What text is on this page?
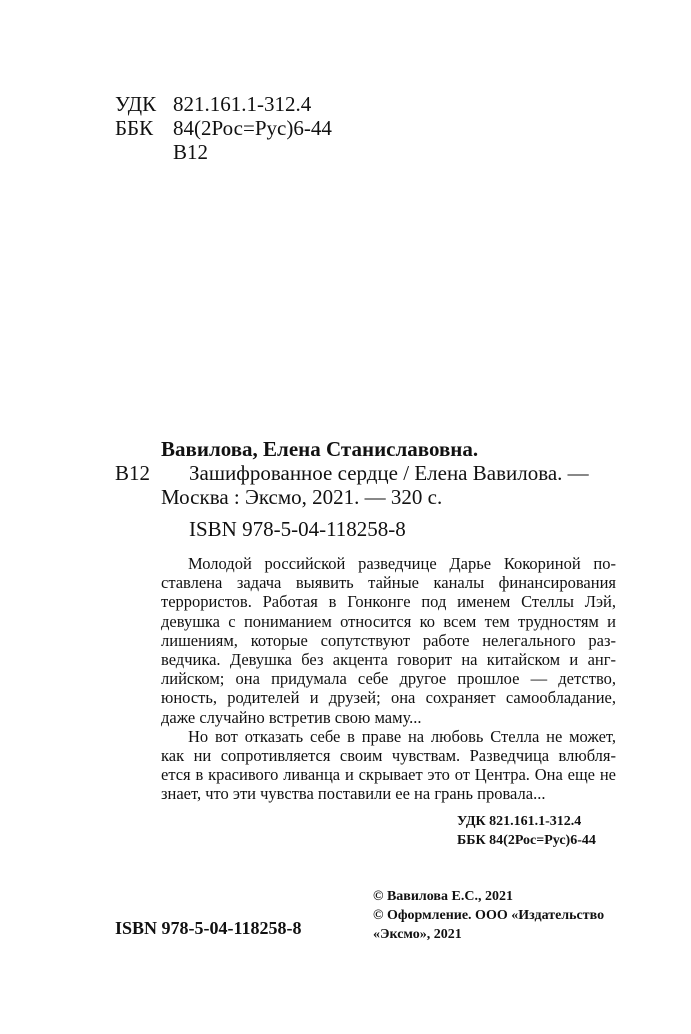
УДК 821.161.1-312.4
ББК 84(2Рос=Рус)6-44
В12
Вавилова, Елена Станиславовна.
В12 Зашифрованное сердце / Елена Вавилова. —
Москва : Эксмо, 2021. — 320 с.
ISBN 978-5-04-118258-8

Молодой российской разведчице Дарье Кокориной по- ставлена задача выявить тайные каналы финансирования террористов. Работая в Гонконге под именем Стеллы Лэй, девушка с пониманием относится ко всем тем трудностям и лишениям, которые сопутствуют работе нелегального раз- ведчика. Девушка без акцента говорит на китайском и анг- лийском; она придумала себе другое прошлое — детство, юность, родителей и друзей; она сохраняет самообладание, даже случайно встретив свою маму...

Но вот отказать себе в праве на любовь Стелла не может, как ни сопротивляется своим чувствам. Разведчица влюбля- ется в красивого ливанца и скрывает это от Центра. Она еще не знает, что эти чувства поставили ее на грань провала...

УДК 821.161.1-312.4
ББК 84(2Рос=Рус)6-44
ISBN 978-5-04-118258-8
© Вавилова Е.С., 2021
© Оформление. ООО «Издательство
«Эксмо», 2021
